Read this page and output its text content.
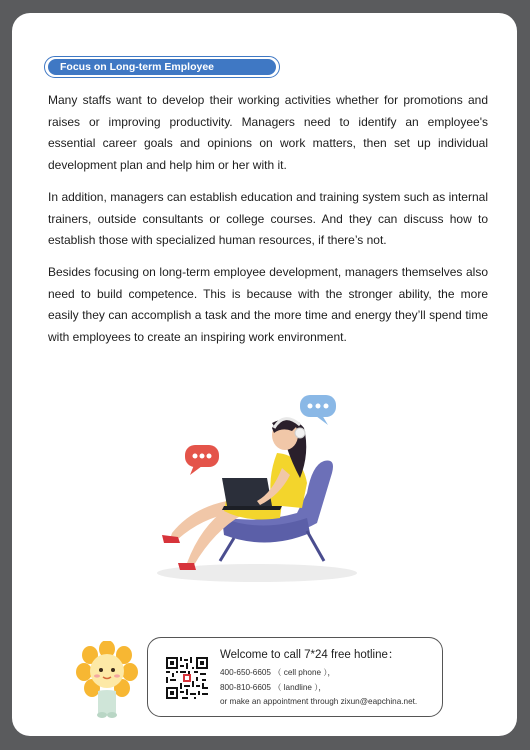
Focus on Long-term Employee Development

Many staffs want to develop their working activities whether for promotions and raises or improving productivity. Managers need to identify an employee's essential career goals and opinions on work matters, then set up individual development plan and help him or her with it.

In addition, managers can establish education and training system such as internal trainers, outside consultants or college courses. And they can discuss how to establish those with specialized human resources, if there’s not.

Besides focusing on long-term employee development, managers themselves also need to build competence. This is because with the stronger ability, the more easily they can accomplish a task and the more time and energy they’ll spend time with employees to create an inspiring work environment.

Welcome to call 7*24 free hotline：
400-650-6605 （ cell phone ），
800-810-6605 （ landline ），
or make an appointment through zixun@eapchina.net.
